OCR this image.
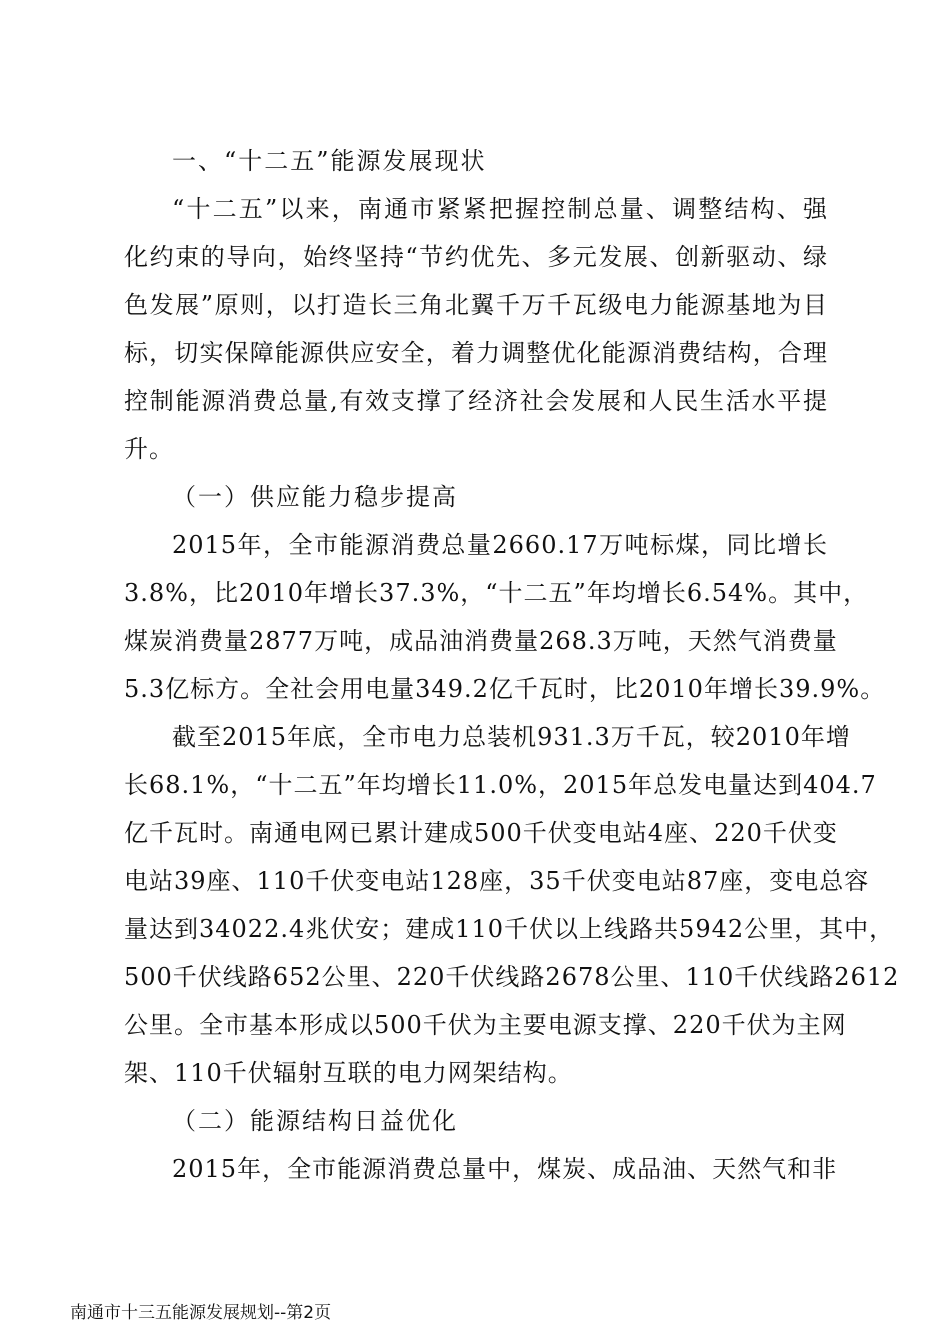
一、“十二五”能源发展现状
“十二五”以来，南通市紧紧把握控制总量、调整结构、强
化约束的导向，始终坚持“节约优先、多元发展、创新驱动、绿
色发展”原则，以打造长三角北翼千万千瓦级电力能源基地为目
标，切实保障能源供应安全，着力调整优化能源消费结构，合理
控制能源消费总量,有效支撑了经济社会发展和人民生活水平提
升。
（一）供应能力稳步提高
2015年，全市能源消费总量2660.17万吨标煤，同比增长
3.8%，比2010年增长37.3%，“十二五”年均增长6.54%。其中，
煤炭消费量2877万吨，成品油消费量268.3万吨，天然气消费量
5.3亿标方。全社会用电量349.2亿千瓦时，比2010年增长39.9%。
截至2015年底，全市电力总装机931.3万千瓦，较2010年增
长68.1%，“十二五”年均增长11.0%，2015年总发电量达到404.7
亿千瓦时。南通电网已累计建成500千伏变电站4座、220千伏变
电站39座、110千伏变电站128座，35千伏变电站87座，变电总容
量达到34022.4兆伏安；建成110千伏以上线路共5942公里，其中，
500千伏线路652公里、220千伏线路2678公里、110千伏线路2612
公里。全市基本形成以500千伏为主要电源支撑、220千伏为主网
架、110千伏辐射互联的电力网架结构。
（二）能源结构日益优化
2015年，全市能源消费总量中，煤炭、成品油、天然气和非
南通市十三五能源发展规划--第2页
